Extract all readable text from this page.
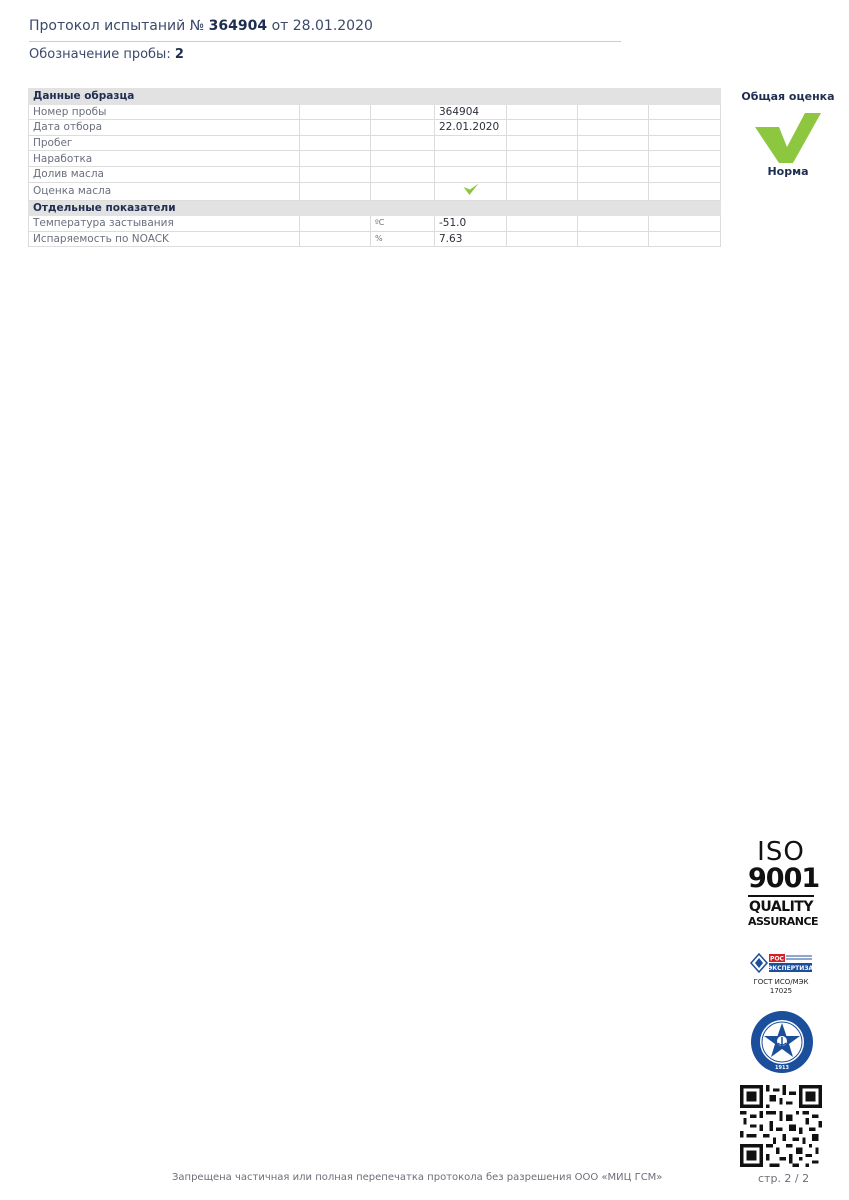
Протокол испытаний № 364904 от 28.01.2020
Обозначение пробы: 2
Данные образца						
Номер пробы			364904			
Дата отбора			22.01.2020			
Пробег						
Наработка						
Долив масла						
Оценка масла						
Отдельные показатели						
Температура застывания		ºC	-51.0			
Испаряемость по NOACK		%	7.63			
Общая оценка
Норма
ISO
9001
QUALITY
ASSURANCE
РОС
ЭКСПЕРТИЗА
ГОСТ ИСО/МЭК
17025
1913
Запрещена частичная или полная перепечатка протокола без разрешения ООО «МИЦ ГСМ»	стр. 2 / 2
